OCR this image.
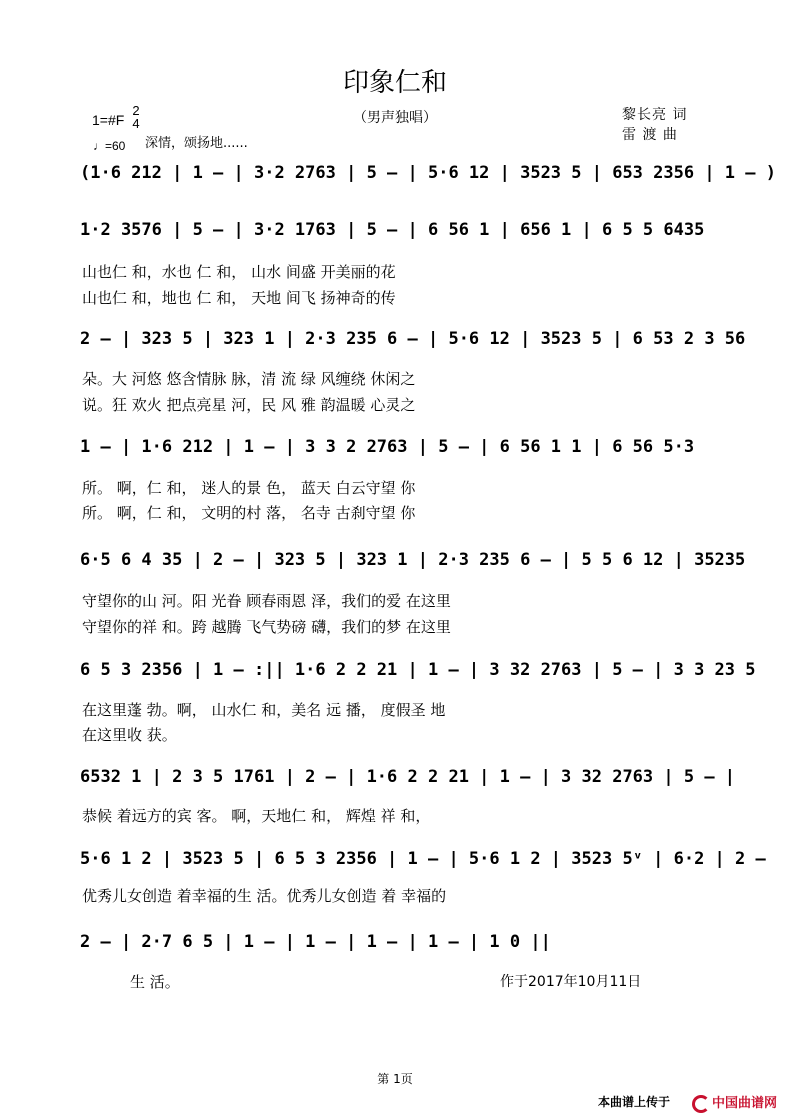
印象仁和
（男声独唱）	黎长亮 词
雷 渡 曲
1=#F
2
4
♩=60 深情，颂扬地......
(1·6 212 | 1 – | 3·2 2763 | 5 – | 5·6 12 | 3523 5 | 653 2356 | 1 – )
1·2 3576 | 5 – | 3·2 1763 | 5 – | 6 56 1 | 656 1 | 6 5 5 6435
山也仁 和，水也 仁 和， 山水 间盛 开美丽的花
山也仁 和，地也 仁 和， 天地 间飞 扬神奇的传
2 – | 323 5 | 323 1 | 2·3 235 6 – | 5·6 12 | 3523 5 | 6 53 2 3 56
朵。大 河悠 悠含情脉 脉，清 流 绿 风缠绕 休闲之
说。狂 欢火 把点亮星 河，民 风 雅 韵温暖 心灵之
1 – | 1·6 212 | 1 – | 3 3 2 2763 | 5 – | 6 56 1 1 | 6 56 5·3
所。 啊，仁 和， 迷人的景 色， 蓝天 白云守望 你
所。 啊，仁 和， 文明的村 落， 名寺 古刹守望 你
6·5 6 4 35 | 2 – | 323 5 | 323 1 | 2·3 235 6 – | 5 5 6 12 | 35235
守望你的山 河。阳 光眷 顾春雨恩 泽，我们的爱 在这里
守望你的祥 和。跨 越腾 飞气势磅 礴，我们的梦 在这里
6 5 3 2356 | 1 – :|| 1·6 2 2 21 | 1 – | 3 32 2763 | 5 – | 3 3 23 5
在这里蓬 勃。啊， 山水仁 和，美名 远 播， 度假圣 地
在这里收 获。
6532 1 | 2 3 5 1761 | 2 – | 1·6 2 2 21 | 1 – | 3 32 2763 | 5 – |
恭候 着远方的宾 客。 啊，天地仁 和， 辉煌 祥 和，
5·6 1 2 | 3523 5 | 6 5 3 2356 | 1 – | 5·6 1 2 | 3523 5ᵛ | 6·2 | 2 –
优秀儿女创造 着幸福的生 活。优秀儿女创造 着 幸福的
2 – | 2·7 6 5 | 1 – | 1 – | 1 – | 1 – | 1 0 ||
生 活。	作于2017年10月11日
第 1页
本曲谱上传于	中国曲谱网
